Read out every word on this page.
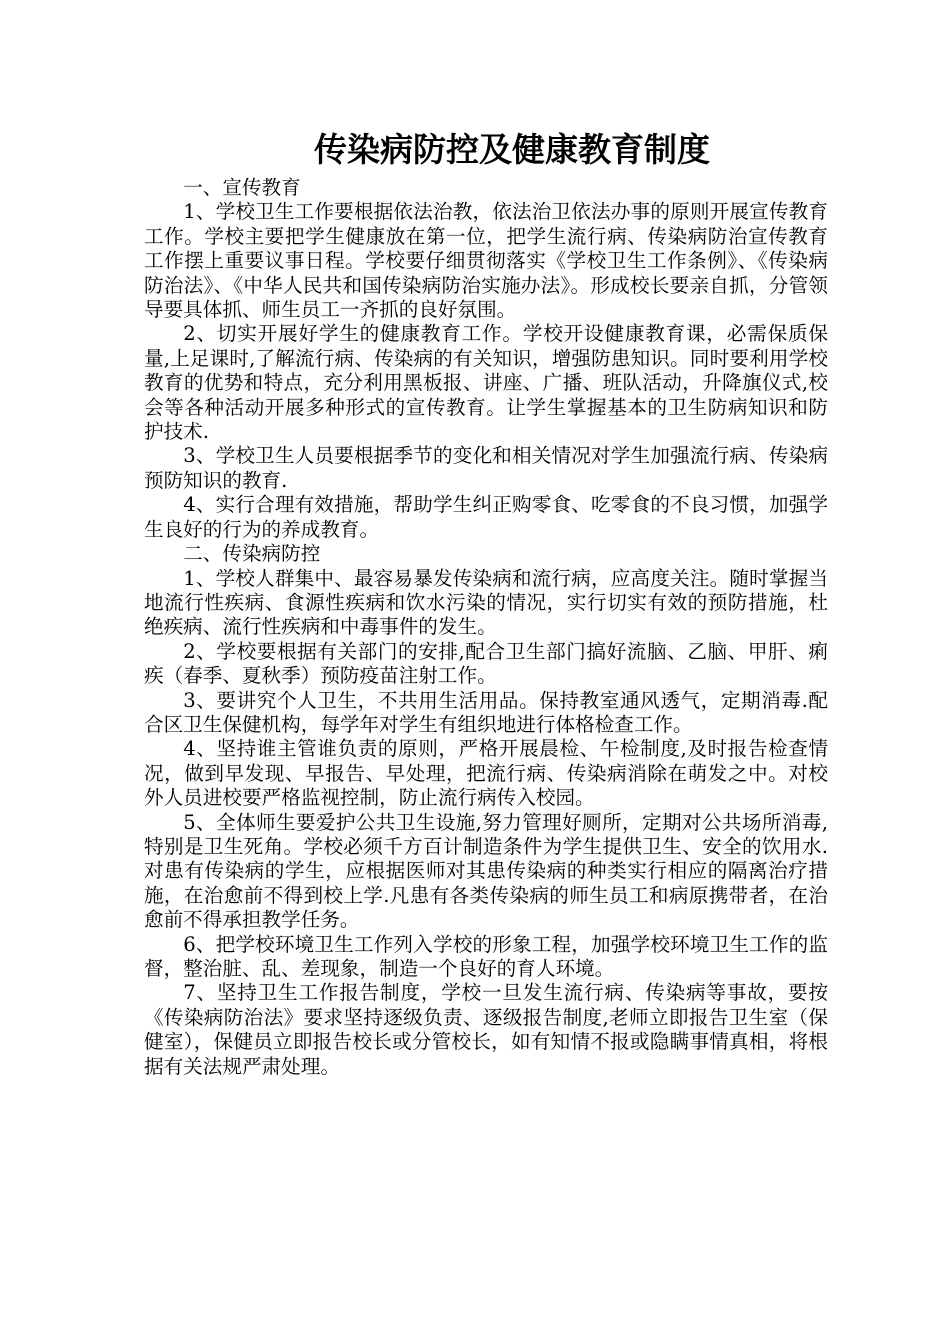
传染病防控及健康教育制度

一、宣传教育

1、学校卫生工作要根据依法治教，依法治卫依法办事的原则开展宣传教育工作。学校主要把学生健康放在第一位，把学生流行病、传染病防治宣传教育工作摆上重要议事日程。学校要仔细贯彻落实《学校卫生工作条例》、《传染病防治法》、《中华人民共和国传染病防治实施办法》。形成校长要亲自抓，分管领导要具体抓、师生员工一齐抓的良好氛围。

2、切实开展好学生的健康教育工作。学校开设健康教育课，必需保质保量,上足课时,了解流行病、传染病的有关知识，增强防患知识。同时要利用学校教育的优势和特点，充分利用黑板报、讲座、广播、班队活动，升降旗仪式,校会等各种活动开展多种形式的宣传教育。让学生掌握基本的卫生防病知识和防护技术.

3、学校卫生人员要根据季节的变化和相关情况对学生加强流行病、传染病预防知识的教育.

4、实行合理有效措施，帮助学生纠正购零食、吃零食的不良习惯，加强学生良好的行为的养成教育。

二、传染病防控

1、学校人群集中、最容易暴发传染病和流行病，应高度关注。随时掌握当地流行性疾病、食源性疾病和饮水污染的情况，实行切实有效的预防措施，杜绝疾病、流行性疾病和中毒事件的发生。

2、学校要根据有关部门的安排,配合卫生部门搞好流脑、乙脑、甲肝、痢疾（春季、夏秋季）预防疫苗注射工作。

3、要讲究个人卫生，不共用生活用品。保持教室通风透气，定期消毒.配合区卫生保健机构，每学年对学生有组织地进行体格检查工作。

4、坚持谁主管谁负责的原则，严格开展晨检、午检制度,及时报告检查情况，做到早发现、早报告、早处理，把流行病、传染病消除在萌发之中。对校外人员进校要严格监视控制，防止流行病传入校园。

5、全体师生要爱护公共卫生设施,努力管理好厕所，定期对公共场所消毒,特别是卫生死角。学校必须千方百计制造条件为学生提供卫生、安全的饮用水.对患有传染病的学生，应根据医师对其患传染病的种类实行相应的隔离治疗措施，在治愈前不得到校上学.凡患有各类传染病的师生员工和病原携带者，在治愈前不得承担教学任务。

6、把学校环境卫生工作列入学校的形象工程，加强学校环境卫生工作的监督，整治脏、乱、差现象，制造一个良好的育人环境。

7、坚持卫生工作报告制度，学校一旦发生流行病、传染病等事故，要按《传染病防治法》要求坚持逐级负责、逐级报告制度,老师立即报告卫生室（保健室），保健员立即报告校长或分管校长，如有知情不报或隐瞒事情真相，将根据有关法规严肃处理。
